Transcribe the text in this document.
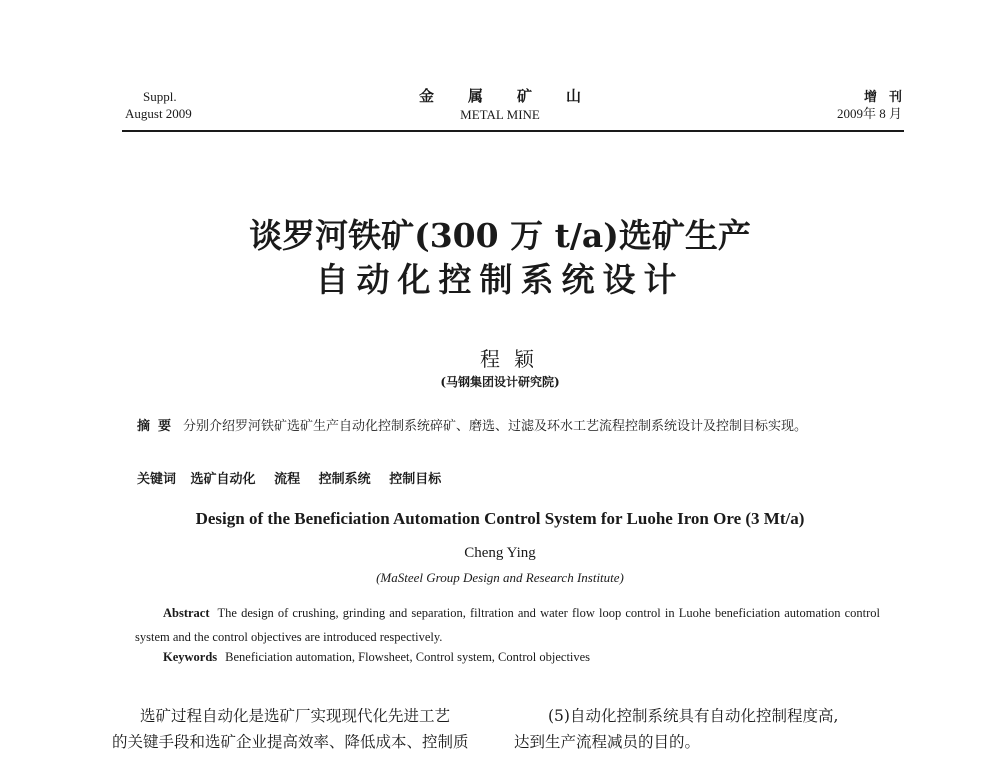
Suppl.
August 2009
金属矿山
METAL MINE
增刊
2009年 8 月
谈罗河铁矿(300 万 t/a)选矿生产
自动化控制系统设计
程颖
(马钢集团设计研究院)
摘要 分别介绍罗河铁矿选矿生产自动化控制系统碎矿、磨选、过滤及环水工艺流程控制系统设计及控制目标实现。
关键词 选矿自动化 流程 控制系统 控制目标
Design of the Beneficiation Automation Control System for Luohe Iron Ore (3 Mt/a)
Cheng Ying
(MaSteel Group Design and Research Institute)
Abstract The design of crushing, grinding and separation, filtration and water flow loop control in Luohe beneficiation automation control system and the control objectives are introduced respectively.
Keywords Beneficiation automation, Flowsheet, Control system, Control objectives
选矿过程自动化是选矿厂实现现代化先进工艺
的关键手段和选矿企业提高效率、降低成本、控制质
(5)自动化控制系统具有自动化控制程度高,
达到生产流程减员的目的。
